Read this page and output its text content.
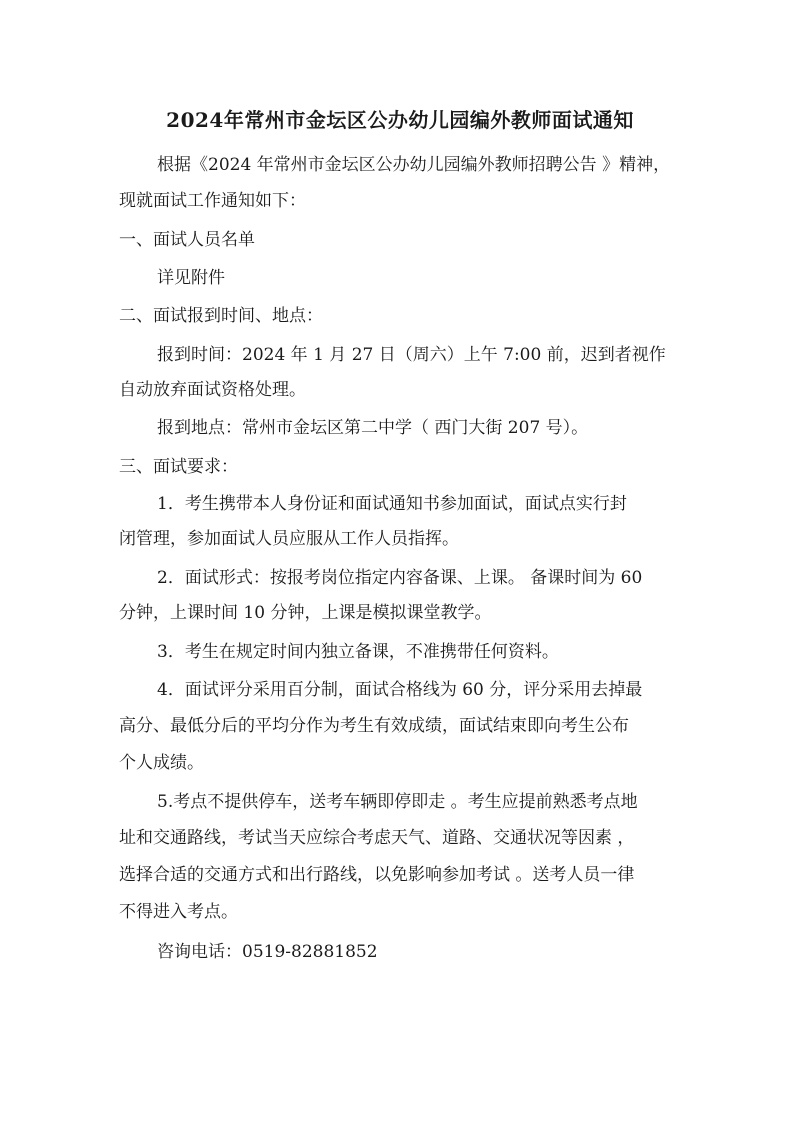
2024年常州市金坛区公办幼儿园编外教师面试通知
根据《2024 年常州市金坛区公办幼儿园编外教师招聘公告 》精神，
现就面试工作通知如下：
一、面试人员名单
详见附件
二、面试报到时间、地点：
报到时间：2024 年 1 月 27 日（周六）上午 7:00 前，迟到者视作
自动放弃面试资格处理。
报到地点：常州市金坛区第二中学（ 西门大街 207 号）。
三、面试要求：
1．考生携带本人身份证和面试通知书参加面试，面试点实行封
闭管理，参加面试人员应服从工作人员指挥。
2．面试形式：按报考岗位指定内容备课、上课。 备课时间为 60
分钟，上课时间 10 分钟，上课是模拟课堂教学。
3．考生在规定时间内独立备课，不准携带任何资料。
4．面试评分采用百分制，面试合格线为 60 分，评分采用去掉最
高分、最低分后的平均分作为考生有效成绩，面试结束即向考生公布
个人成绩。
5.考点不提供停车，送考车辆即停即走 。考生应提前熟悉考点地
址和交通路线，考试当天应综合考虑天气、道路、交通状况等因素 ，
选择合适的交通方式和出行路线，以免影响参加考试 。送考人员一律
不得进入考点。
咨询电话：0519-82881852
